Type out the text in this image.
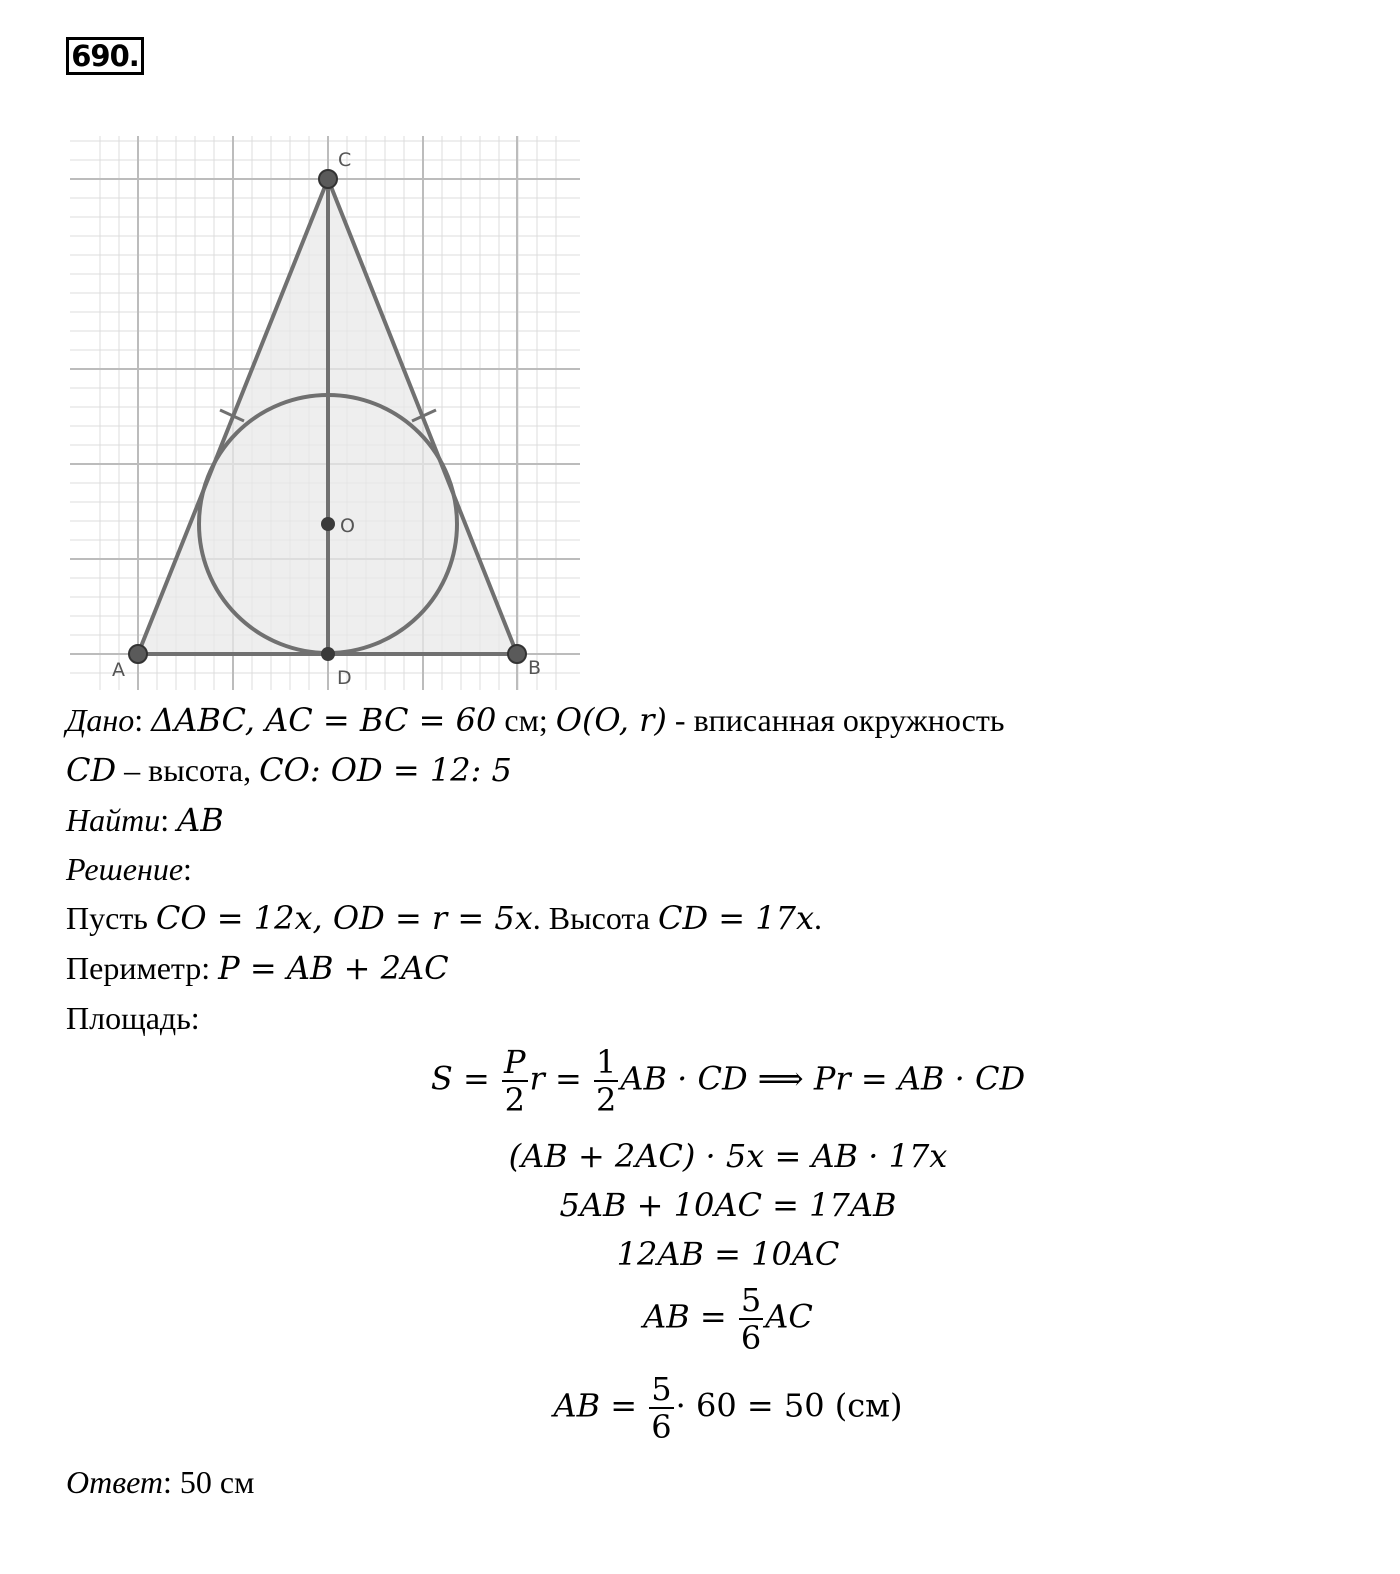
690.
C
O
A	B
D
Дано: ΔABC, AC = BC = 60 см; O(O, r) - вписанная окружность
CD – высота, CO: OD = 12: 5
Найти: AB
Решение:
Пусть CO = 12x, OD = r = 5x. Высота CD = 17x.
Периметр: P = AB + 2AC
Площадь:
$S = \frac{P}{2}$ $r = \frac{1}{2}$ AB · CD ⟹ Pr = AB · CD
(AB + 2AC) · 5x = AB · 17x
5AB + 10AC = 17AB
12AB = 10AC
AB = $\frac{5}{6}$ AC
AB = $\frac{5}{6} \cdot 60 = 50$ (см)
Ответ: 50 см
